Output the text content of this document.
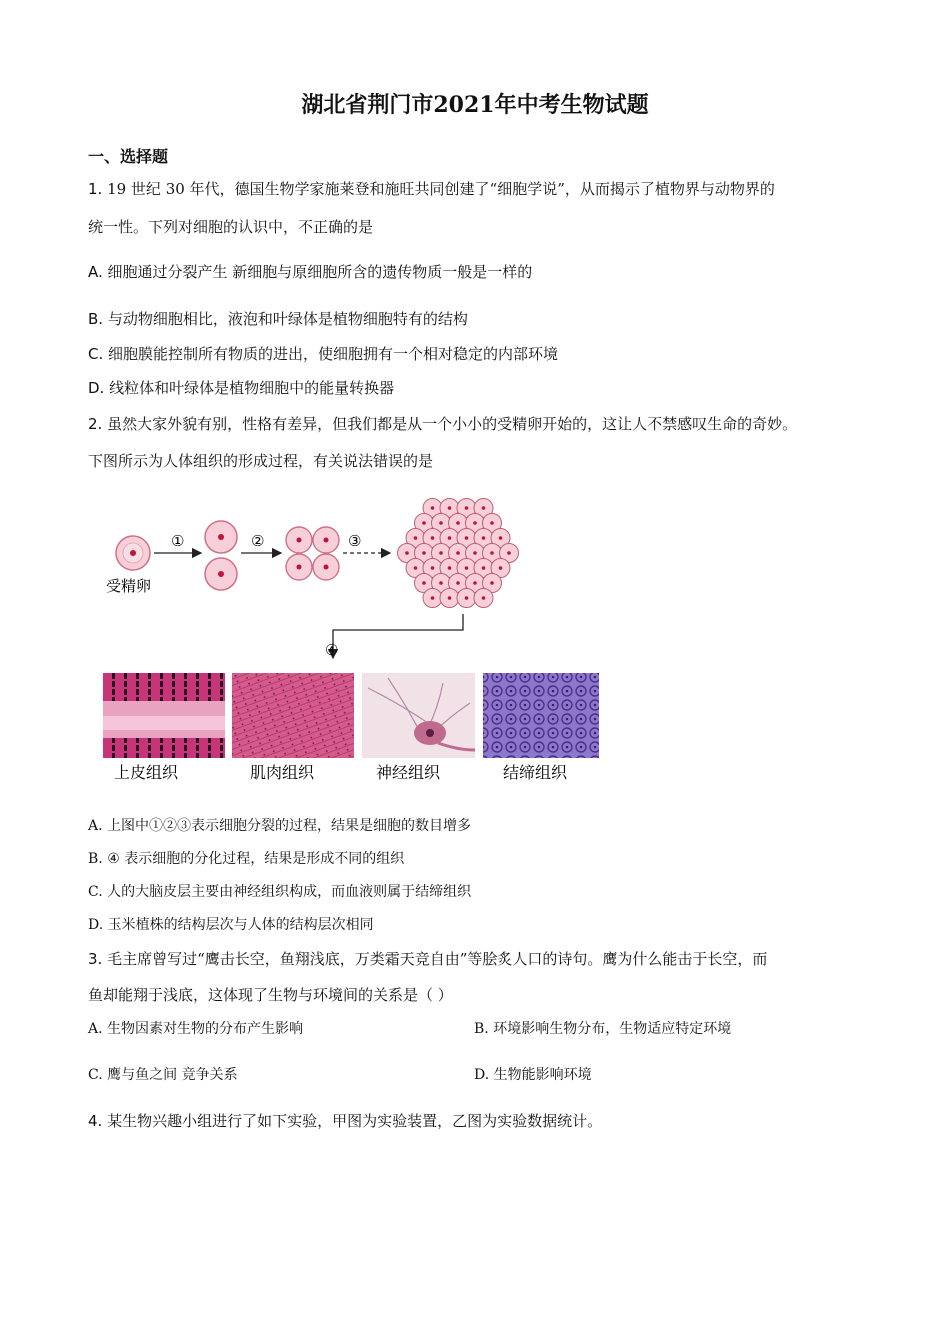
湖北省荆门市2021年中考生物试题
一、选择题
1. 19 世纪 30 年代，德国生物学家施莱登和施旺共同创建了“细胞学说”，从而揭示了植物界与动物界的
统一性。下列对细胞的认识中，不正确的是
A. 细胞通过分裂产生 新细胞与原细胞所含的遗传物质一般是一样的
B. 与动物细胞相比，液泡和叶绿体是植物细胞特有的结构
C. 细胞膜能控制所有物质的进出，使细胞拥有一个相对稳定的内部环境
D. 线粒体和叶绿体是植物细胞中的能量转换器
2. 虽然大家外貌有别，性格有差异，但我们都是从一个小小的受精卵开始的，这让人不禁感叹生命的奇妙。
下图所示为人体组织的形成过程，有关说法错误的是
受精卵
①	②	③
④
上皮组织	肌肉组织	神经组织	结缔组织
A. 上图中①②③表示细胞分裂的过程，结果是细胞的数目增多
B. ④ 表示细胞的分化过程，结果是形成不同的组织
C. 人的大脑皮层主要由神经组织构成，而血液则属于结缔组织
D. 玉米植株的结构层次与人体的结构层次相同
3. 毛主席曾写过“鹰击长空，鱼翔浅底，万类霜天竞自由”等脍炙人口的诗句。鹰为什么能击于长空，而
鱼却能翔于浅底，这体现了生物与环境间的关系是（ ）
A. 生物因素对生物的分布产生影响	B. 环境影响生物分布，生物适应特定环境
C. 鹰与鱼之间 竞争关系	D. 生物能影响环境
4. 某生物兴趣小组进行了如下实验，甲图为实验装置，乙图为实验数据统计。
